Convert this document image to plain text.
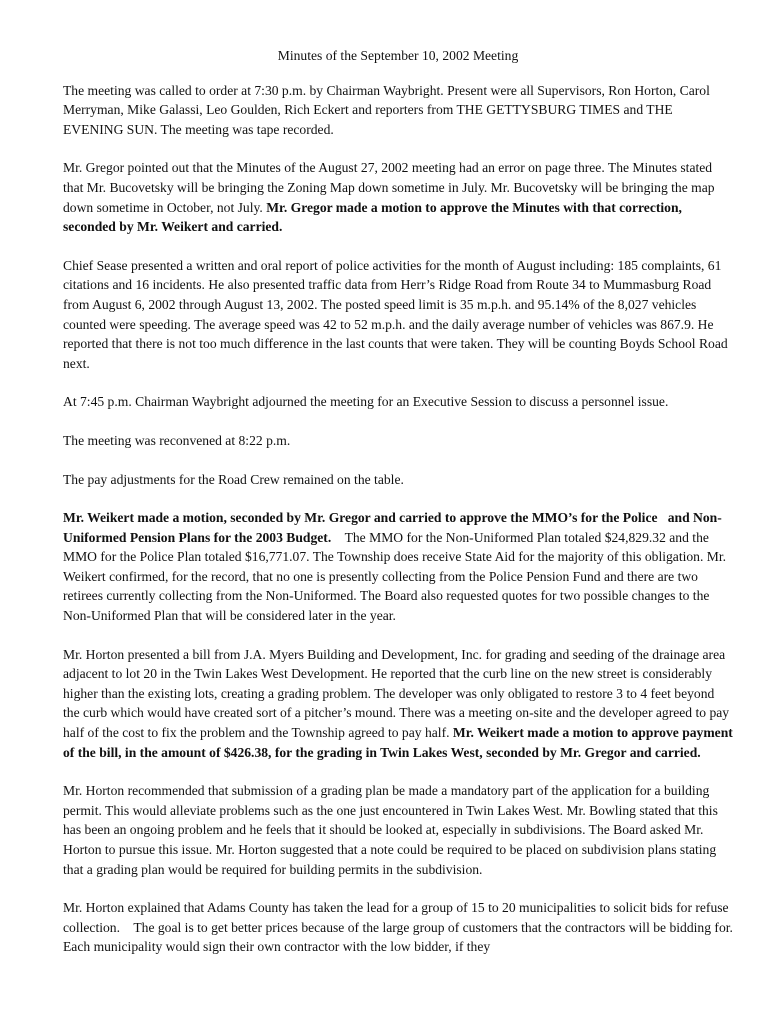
Minutes of the September 10, 2002 Meeting

The meeting was called to order at 7:30 p.m. by Chairman Waybright. Present were all Supervisors, Ron Horton, Carol Merryman, Mike Galassi, Leo Goulden, Rich Eckert and reporters from THE GETTYSBURG TIMES and THE EVENING SUN. The meeting was tape recorded.

Mr. Gregor pointed out that the Minutes of the August 27, 2002 meeting had an error on page three. The Minutes stated that Mr. Bucovetsky will be bringing the Zoning Map down sometime in July. Mr. Bucovetsky will be bringing the map down sometime in October, not July. Mr. Gregor made a motion to approve the Minutes with that correction, seconded by Mr. Weikert and carried.

Chief Sease presented a written and oral report of police activities for the month of August including: 185 complaints, 61 citations and 16 incidents. He also presented traffic data from Herr’s Ridge Road from Route 34 to Mummasburg Road from August 6, 2002 through August 13, 2002. The posted speed limit is 35 m.p.h. and 95.14% of the 8,027 vehicles counted were speeding. The average speed was 42 to 52 m.p.h. and the daily average number of vehicles was 867.9. He reported that there is not too much difference in the last counts that were taken. They will be counting Boyds School Road next.

At 7:45 p.m. Chairman Waybright adjourned the meeting for an Executive Session to discuss a personnel issue.

The meeting was reconvened at 8:22 p.m.

The pay adjustments for the Road Crew remained on the table.

Mr. Weikert made a motion, seconded by Mr. Gregor and carried to approve the MMO’s for the Police   and Non-Uniformed Pension Plans for the 2003 Budget.    The MMO for the Non-Uniformed Plan totaled $24,829.32 and the MMO for the Police Plan totaled $16,771.07. The Township does receive State Aid for the majority of this obligation. Mr. Weikert confirmed, for the record, that no one is presently collecting from the Police Pension Fund and there are two retirees currently collecting from the Non-Uniformed. The Board also requested quotes for two possible changes to the Non-Uniformed Plan that will be considered later in the year.

Mr. Horton presented a bill from J.A. Myers Building and Development, Inc. for grading and seeding of the drainage area adjacent to lot 20 in the Twin Lakes West Development. He reported that the curb line on the new street is considerably higher than the existing lots, creating a grading problem. The developer was only obligated to restore 3 to 4 feet beyond the curb which would have created sort of a pitcher’s mound. There was a meeting on-site and the developer agreed to pay half of the cost to fix the problem and the Township agreed to pay half. Mr. Weikert made a motion to approve payment of the bill, in the amount of $426.38, for the grading in Twin Lakes West, seconded by Mr. Gregor and carried.

Mr. Horton recommended that submission of a grading plan be made a mandatory part of the application for a building permit. This would alleviate problems such as the one just encountered in Twin Lakes West. Mr. Bowling stated that this has been an ongoing problem and he feels that it should be looked at, especially in subdivisions. The Board asked Mr. Horton to pursue this issue. Mr. Horton suggested that a note could be required to be placed on subdivision plans stating that a grading plan would be required for building permits in the subdivision.

Mr. Horton explained that Adams County has taken the lead for a group of 15 to 20 municipalities to solicit bids for refuse collection.    The goal is to get better prices because of the large group of customers that the contractors will be bidding for. Each municipality would sign their own contractor with the low bidder, if they
